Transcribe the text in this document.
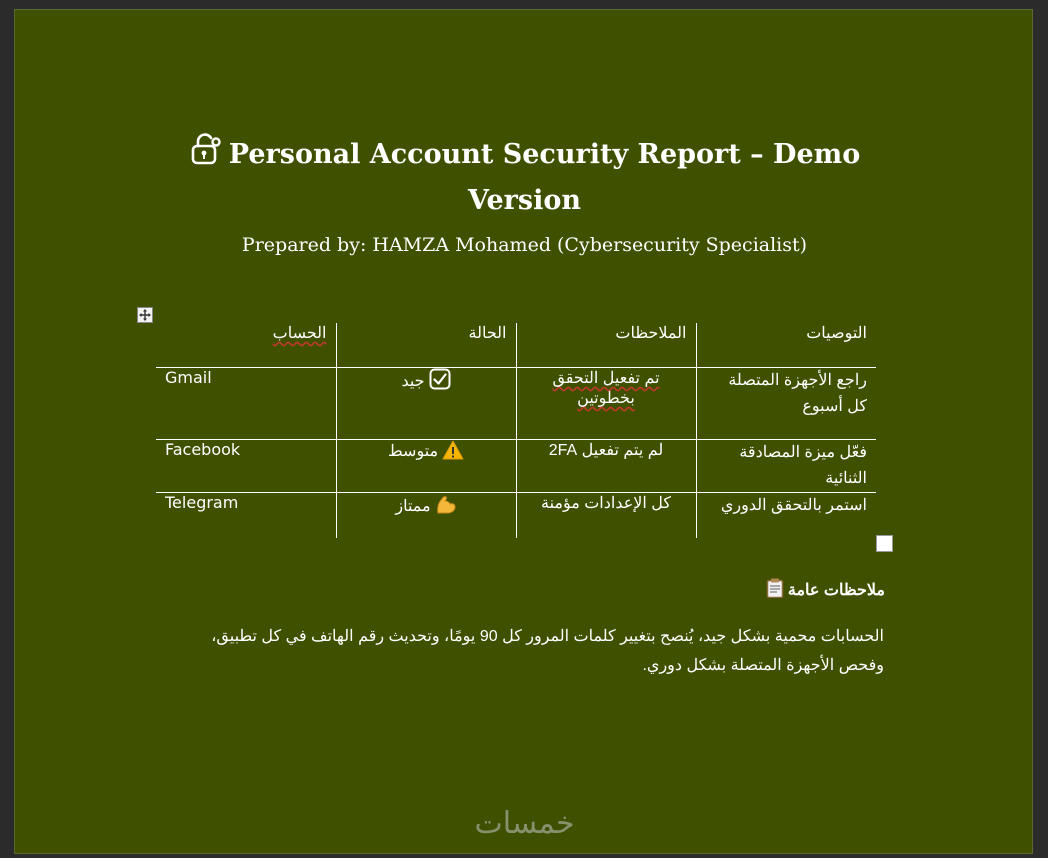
Personal Account Security Report – Demo
Version
Prepared by: HAMZA Mohamed (Cybersecurity Specialist)
الحساب	الحالة	الملاحظات	التوصيات

Gmail	جيد	تم تفعيل التحقق بخطوتين	راجع الأجهزة المتصلة كل أسبوع
Facebook	متوسط	لم يتم تفعيل 2FA	فعّل ميزة المصادقة الثنائية
Telegram	ممتاز	كل الإعدادات مؤمنة	استمر بالتحقق الدوري
ملاحظات عامة
الحسابات محمية بشكل جيد، يُنصح بتغيير كلمات المرور كل 90 يومًا، وتحديث رقم الهاتف في كل تطبيق، وفحص الأجهزة المتصلة بشكل دوري.
خمسات
